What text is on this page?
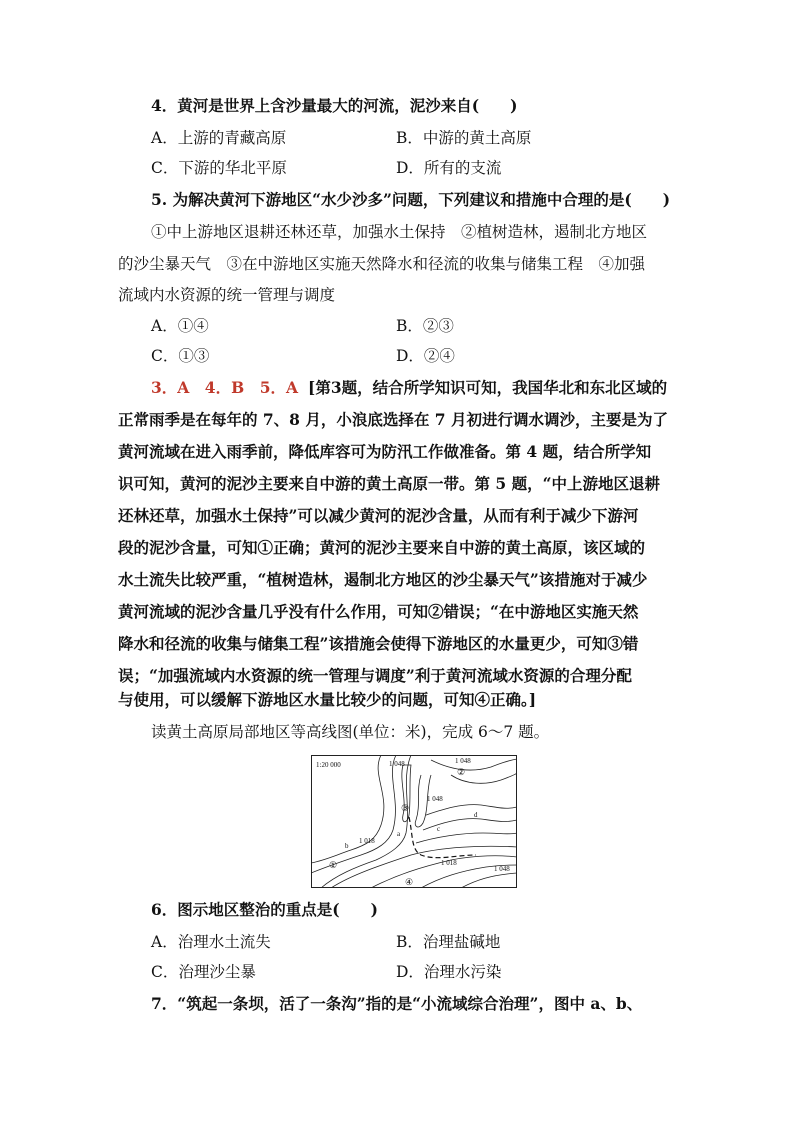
4．黄河是世界上含沙量最大的河流，泥沙来自(　　)
A．上游的青藏高原	B．中游的黄土高原
C．下游的华北平原	D．所有的支流
5. 为解决黄河下游地区“水少沙多”问题，下列建议和措施中合理的是(　　)
①中上游地区退耕还林还草，加强水土保持　②植树造林，遏制北方地区
的沙尘暴天气　③在中游地区实施天然降水和径流的收集与储集工程　④加强
流域内水资源的统一管理与调度
A．①④	B．②③
C．①③	D．②④
3．A　4．B　5．A [第3题，结合所学知识可知，我国华北和东北区域的
正常雨季是在每年的 7、8 月，小浪底选择在 7 月初进行调水调沙，主要是为了
黄河流域在进入雨季前，降低库容可为防汛工作做准备。第 4 题，结合所学知
识可知，黄河的泥沙主要来自中游的黄土高原一带。第 5 题，“中上游地区退耕
还林还草，加强水土保持”可以减少黄河的泥沙含量，从而有利于减少下游河
段的泥沙含量，可知①正确；黄河的泥沙主要来自中游的黄土高原，该区域的
水土流失比较严重，“植树造林，遏制北方地区的沙尘暴天气”该措施对于减少
黄河流域的泥沙含量几乎没有什么作用，可知②错误；“在中游地区实施天然
降水和径流的收集与储集工程”该措施会使得下游地区的水量更少，可知③错
误；“加强流域内水资源的统一管理与调度”利于黄河流域水资源的合理分配
与使用，可以缓解下游地区水量比较少的问题，可知④正确。]
读黄土高原局部地区等高线图(单位：米)，完成 6～7 题。
1:20 000	1 048	1 048
1 048
1 018
1 018
1 048
a
b
c
d
①
②
③
④
6．图示地区整治的重点是(　　)
A．治理水土流失	B．治理盐碱地
C．治理沙尘暴	D．治理水污染
7．“筑起一条坝，活了一条沟”指的是“小流域综合治理”，图中 a、b、
